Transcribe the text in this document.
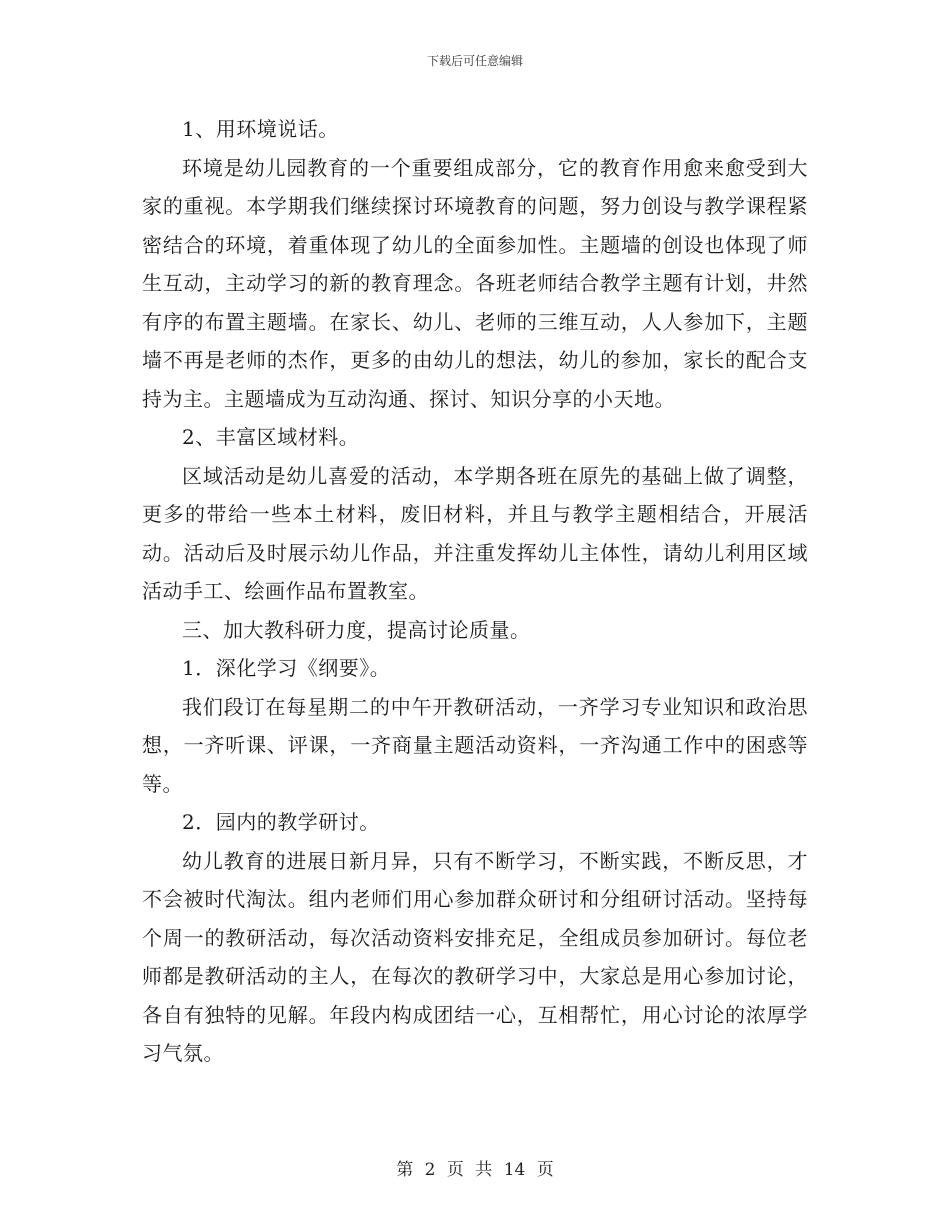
下载后可任意编辑

1、用环境说话。

环境是幼儿园教育的一个重要组成部分，它的教育作用愈来愈受到大家的重视。本学期我们继续探讨环境教育的问题，努力创设与教学课程紧密结合的环境，着重体现了幼儿的全面参加性。主题墙的创设也体现了师生互动，主动学习的新的教育理念。各班老师结合教学主题有计划，井然有序的布置主题墙。在家长、幼儿、老师的三维互动，人人参加下，主题墙不再是老师的杰作，更多的由幼儿的想法，幼儿的参加，家长的配合支持为主。主题墙成为互动沟通、探讨、知识分享的小天地。

2、丰富区域材料。

区域活动是幼儿喜爱的活动，本学期各班在原先的基础上做了调整，更多的带给一些本土材料，废旧材料，并且与教学主题相结合，开展活动。活动后及时展示幼儿作品，并注重发挥幼儿主体性，请幼儿利用区域活动手工、绘画作品布置教室。

三、加大教科研力度，提高讨论质量。

1．深化学习《纲要》。

我们段订在每星期二的中午开教研活动，一齐学习专业知识和政治思想，一齐听课、评课，一齐商量主题活动资料，一齐沟通工作中的困惑等等。

2．园内的教学研讨。

幼儿教育的进展日新月异，只有不断学习，不断实践，不断反思，才不会被时代淘汰。组内老师们用心参加群众研讨和分组研讨活动。坚持每个周一的教研活动，每次活动资料安排充足，全组成员参加研讨。每位老师都是教研活动的主人，在每次的教研学习中，大家总是用心参加讨论，各自有独特的见解。年段内构成团结一心，互相帮忙，用心讨论的浓厚学习气氛。

第 2 页 共 14 页
